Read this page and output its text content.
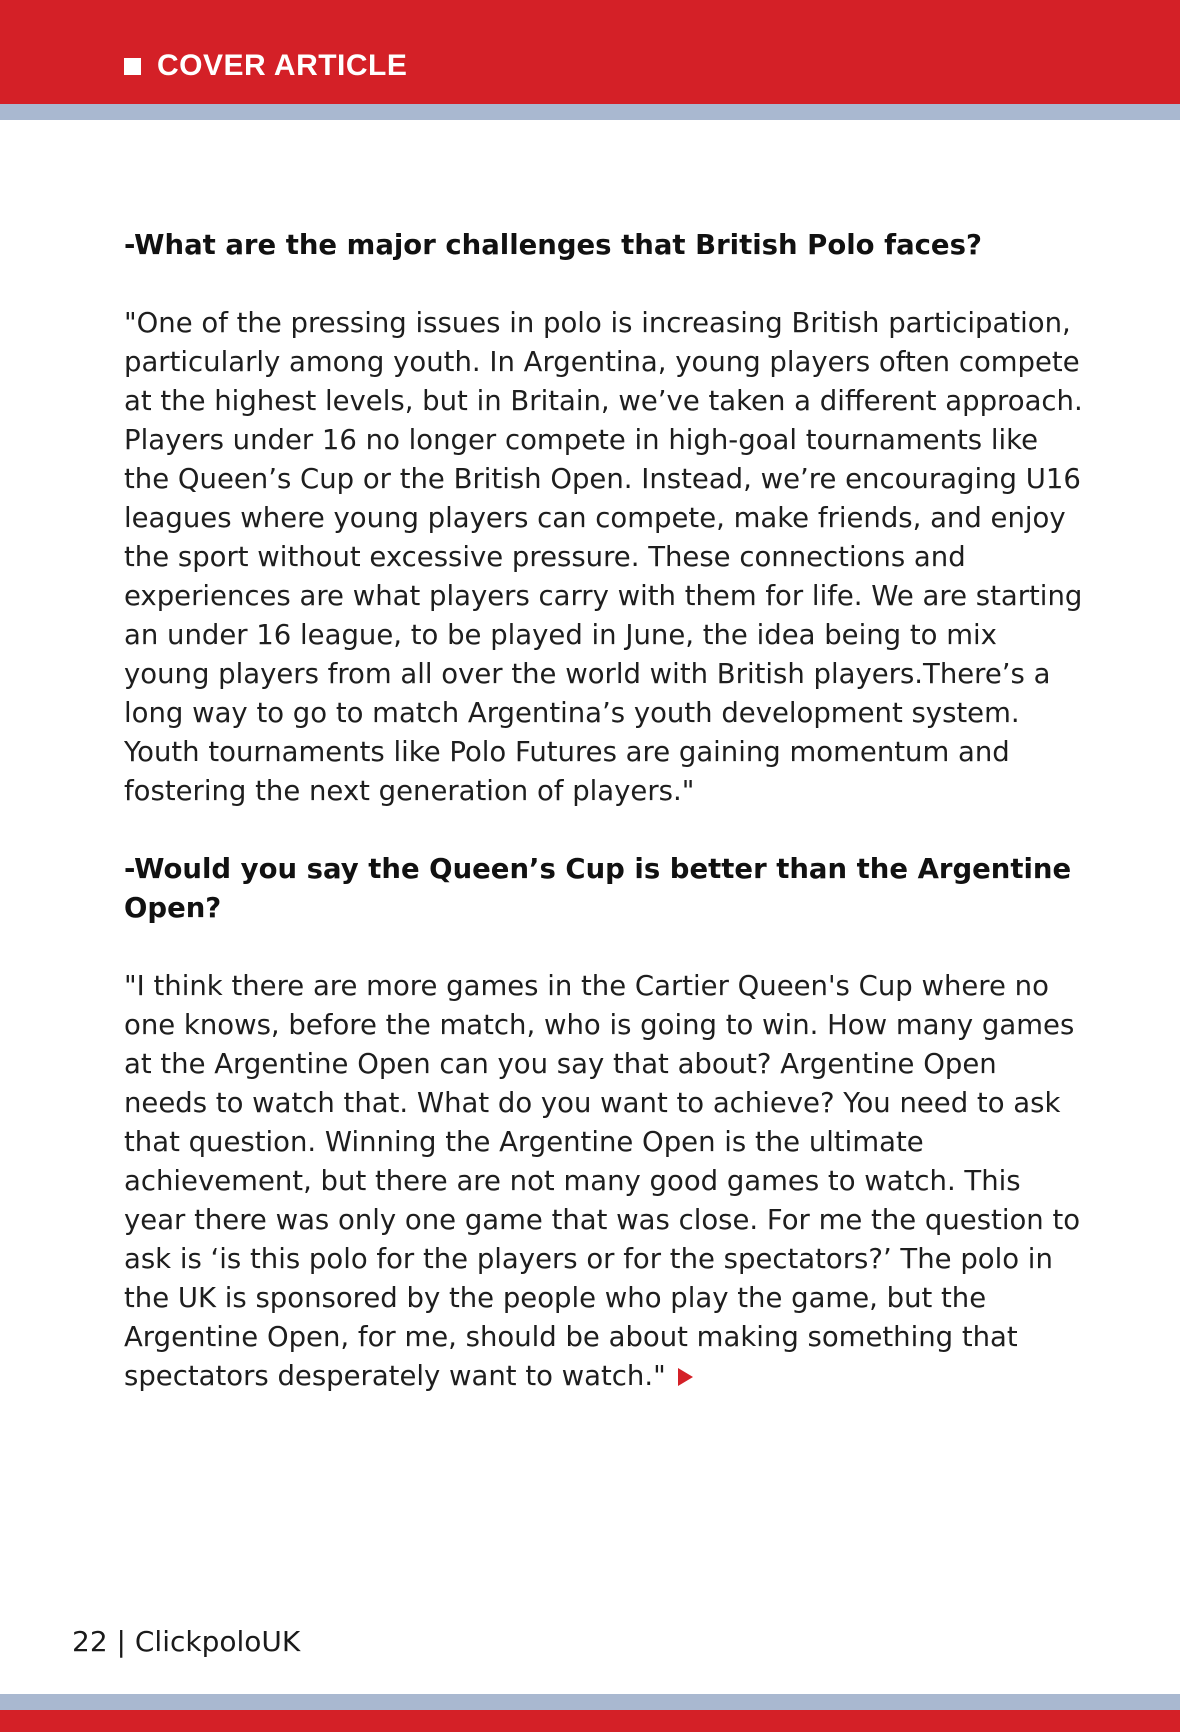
COVER ARTICLE

-What are the major challenges that British Polo faces?

"One of the pressing issues in polo is increasing British participation, particularly among youth. In Argentina, young players often compete at the highest levels, but in Britain, we’ve taken a different approach. Players under 16 no longer compete in high-goal tournaments like the Queen’s Cup or the British Open. Instead, we’re encouraging U16 leagues where young players can compete, make friends, and enjoy the sport without excessive pressure. These connections and experiences are what players carry with them for life. We are starting an under 16 league, to be played in June, the idea being to mix young players from all over the world with British players.There’s a long way to go to match Argentina’s youth development system. Youth tournaments like Polo Futures are gaining momentum and fostering the next generation of players."

-Would you say the Queen’s Cup is better than the Argentine Open?

"I think there are more games in the Cartier Queen's Cup where no one knows, before the match, who is going to win. How many games at the Argentine Open can you say that about? Argentine Open needs to watch that. What do you want to achieve? You need to ask that question. Winning the Argentine Open is the ultimate achievement, but there are not many good games to watch. This year there was only one game that was close. For me the question to ask is ‘is this polo for the players or for the spectators?’ The polo in the UK is sponsored by the people who play the game, but the Argentine Open, for me, should be about making something that spectators desperately want to watch."

22 | ClickpoloUK
